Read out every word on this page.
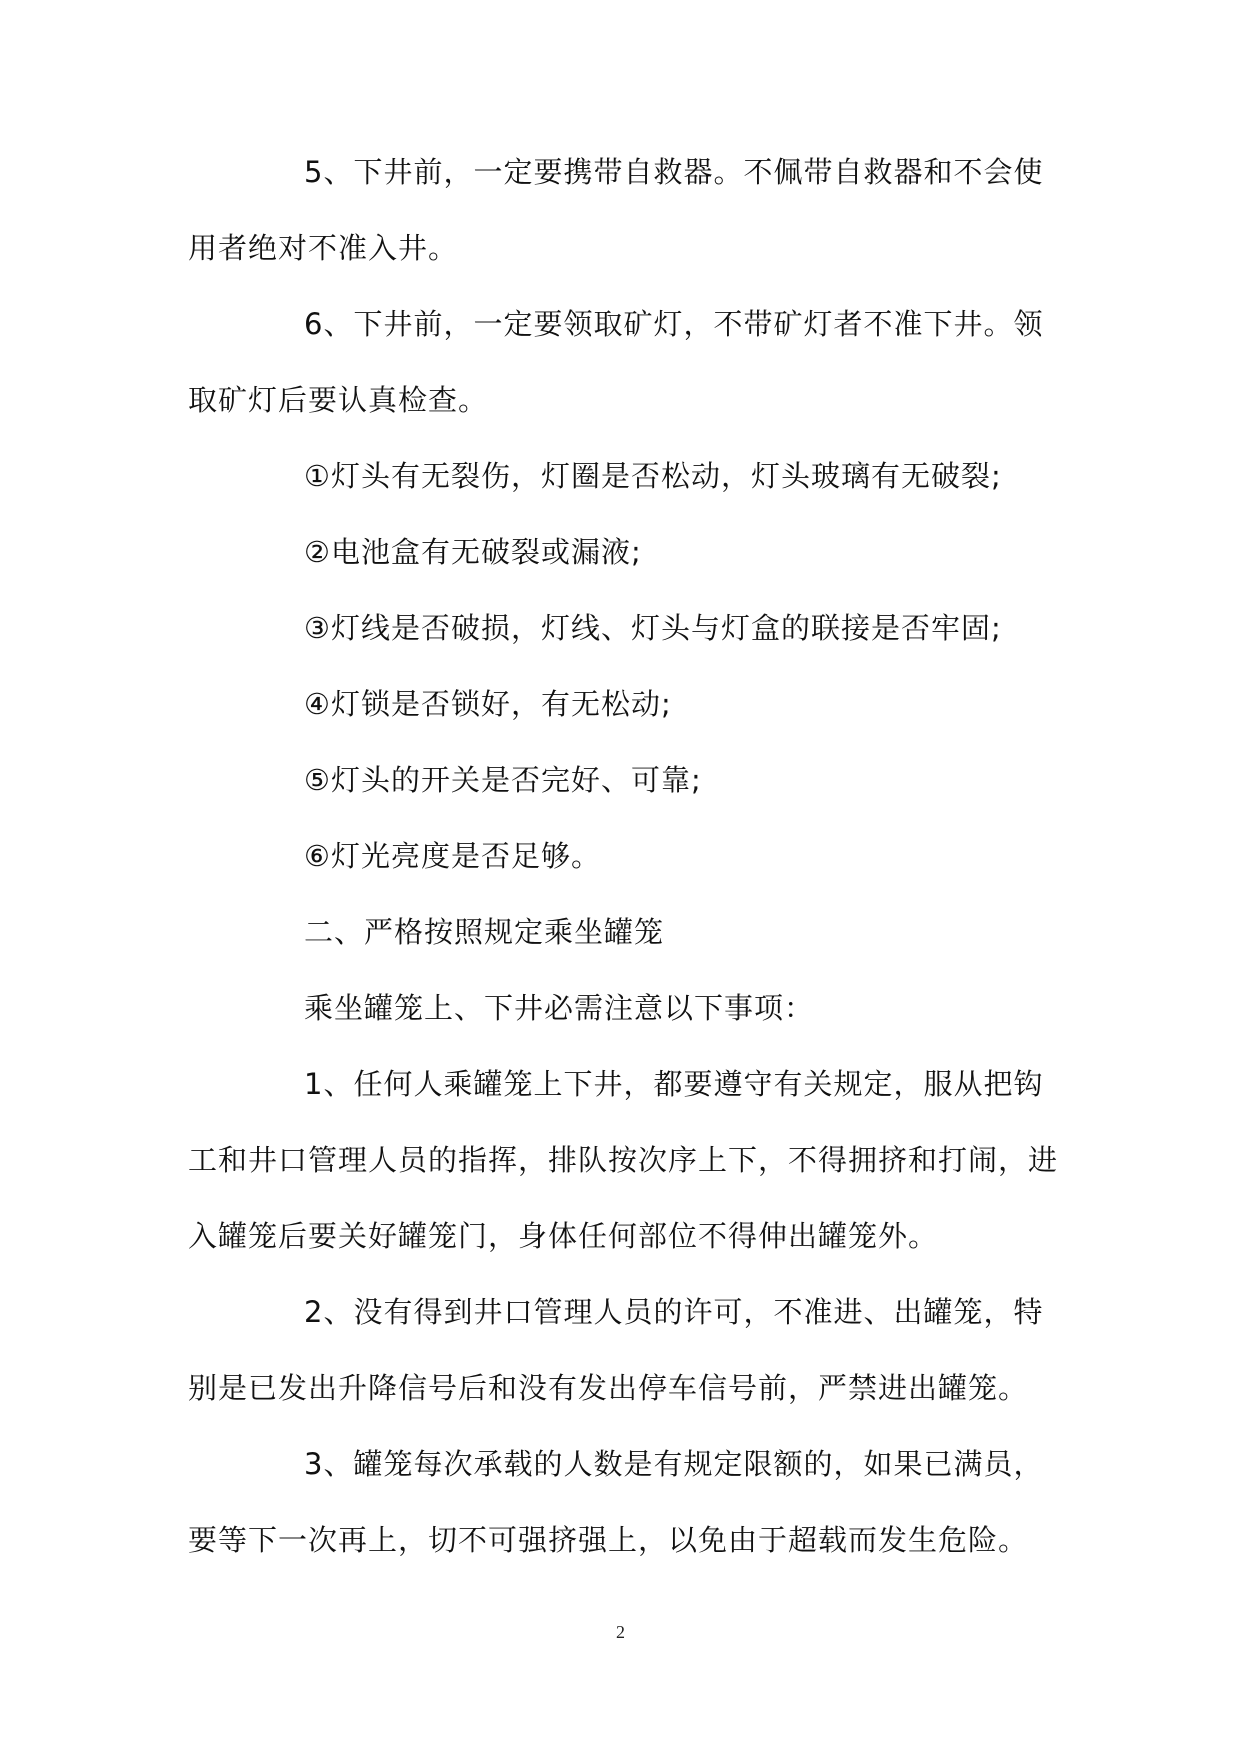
5、下井前，一定要携带自救器。不佩带自救器和不会使用者绝对不准入井。

6、下井前，一定要领取矿灯，不带矿灯者不准下井。领取矿灯后要认真检查。

①灯头有无裂伤，灯圈是否松动，灯头玻璃有无破裂;

②电池盒有无破裂或漏液;

③灯线是否破损，灯线、灯头与灯盒的联接是否牢固;

④灯锁是否锁好，有无松动;

⑤灯头的开关是否完好、可靠;

⑥灯光亮度是否足够。

二、严格按照规定乘坐罐笼

乘坐罐笼上、下井必需注意以下事项：

1、任何人乘罐笼上下井，都要遵守有关规定，服从把钩工和井口管理人员的指挥，排队按次序上下，不得拥挤和打闹，进入罐笼后要关好罐笼门，身体任何部位不得伸出罐笼外。

2、没有得到井口管理人员的许可，不准进、出罐笼，特别是已发出升降信号后和没有发出停车信号前，严禁进出罐笼。

3、罐笼每次承载的人数是有规定限额的，如果已满员，要等下一次再上，切不可强挤强上，以免由于超载而发生危险。

2
